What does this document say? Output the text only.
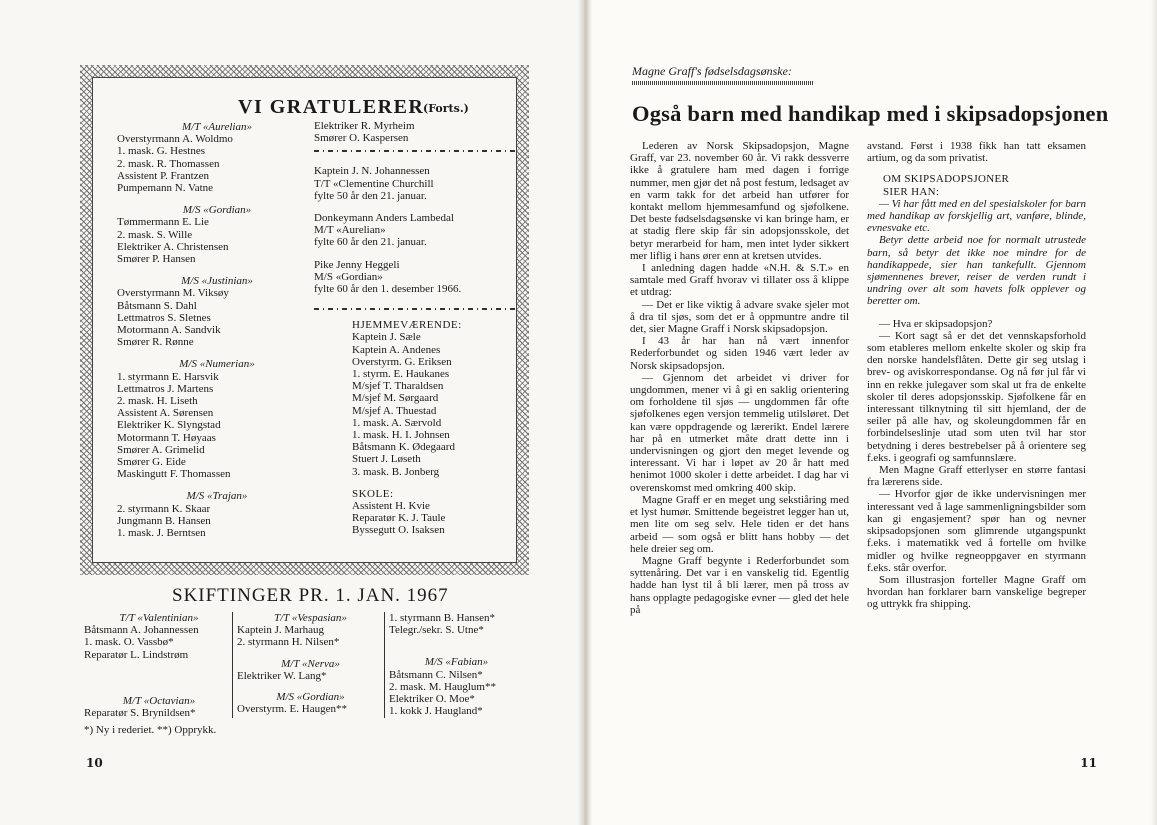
VI GRATULERER
(Forts.)
M/T «Aurelian»
Overstyrmann A. Woldmo
1. mask. G. Hestnes
2. mask. R. Thomassen
Assistent P. Frantzen
Pumpemann N. Vatne
M/S «Gordian»
Tømmermann E. Lie
2. mask. S. Wille
Elektriker A. Christensen
Smører P. Hansen
M/S «Justinian»
Overstyrmann M. Viksøy
Båtsmann S. Dahl
Lettmatros S. Sletnes
Motormann A. Sandvik
Smører R. Rønne
M/S «Numerian»
1. styrmann E. Harsvik
Lettmatros J. Martens
2. mask. H. Liseth
Assistent A. Sørensen
Elektriker K. Slyngstad
Motormann T. Høyaas
Smører A. Grimelid
Smører G. Eide
Maskingutt F. Thomassen
M/S «Trajan»
2. styrmann K. Skaar
Jungmann B. Hansen
1. mask. J. Berntsen
Elektriker R. Myrheim
Smører O. Kaspersen
Kaptein J. N. Johannessen
T/T «Clementine Churchill
fylte 50 år den 21. januar.
Donkeymann Anders Lambedal
M/T «Aurelian»
fylte 60 år den 21. januar.
Pike Jenny Heggeli
M/S «Gordian»
fylte 60 år den 1. desember 1966.
HJEMMEVÆRENDE:
Kaptein J. Sæle
Kaptein A. Andenes
Overstyrm. G. Eriksen
1. styrm. E. Haukanes
M/sjef T. Tharaldsen
M/sjef M. Sørgaard
M/sjef A. Thuestad
1. mask. A. Særvold
1. mask. H. I. Johnsen
Båtsmann K. Ødegaard
Stuert J. Løseth
3. mask. B. Jonberg
SKOLE:
Assistent H. Kvie
Reparatør K. J. Taule
Byssegutt O. Isaksen
SKIFTINGER PR. 1. JAN. 1967
T/T «Valentinian»
Båtsmann A. Johannessen
1. mask. O. Vassbø*
Reparatør L. Lindstrøm
M/T «Octavian»
Reparatør S. Brynildsen*
T/T «Vespasian»
Kaptein J. Marhaug
2. styrmann H. Nilsen*
M/T «Nerva»
Elektriker W. Lang*
M/S «Gordian»
Overstyrm. E. Haugen**
1. styrmann B. Hansen*
Telegr./sekr. S. Utne*
M/S «Fabian»
Båtsmann C. Nilsen*
2. mask. M. Hauglum**
Elektriker O. Moe*
1. kokk J. Haugland*
*) Ny i rederiet. **) Opprykk.
10
Magne Graff's fødselsdagsønske:
Også barn med handikap med i skipsadopsjonen

Lederen av Norsk Skipsadopsjon, Magne Graff, var 23. november 60 år. Vi rakk dessverre ikke å gratulere ham med dagen i forrige nummer, men gjør det nå post festum, ledsaget av en varm takk for det arbeid han utfører for kontakt mellom hjemmesamfund og sjøfolkene. Det beste fødselsdagsønske vi kan bringe ham, er at stadig flere skip får sin adopsjonsskole, det betyr merarbeid for ham, men intet lyder sikkert mer liflig i hans ører enn at kretsen utvides.

I anledning dagen hadde «N.H. & S.T.» en samtale med Graff hvorav vi tillater oss å klippe et utdrag:

— Det er like viktig å advare svake sjeler mot å dra til sjøs, som det er å oppmuntre andre til det, sier Magne Graff i Norsk skipsadopsjon.

I 43 år har han nå vært innenfor Rederforbundet og siden 1946 vært leder av Norsk skipsadopsjon.

— Gjennom det arbeidet vi driver for ungdommen, mener vi å gi en saklig orientering om forholdene til sjøs — ungdommen får ofte sjøfolkenes egen versjon temmelig utilsløret. Det kan være oppdragende og lærerikt. Endel lærere har på en utmerket måte dratt dette inn i undervisningen og gjort den meget levende og interessant. Vi har i løpet av 20 år hatt med henimot 1000 skoler i dette arbeidet. I dag har vi overenskomst med omkring 400 skip.

Magne Graff er en meget ung sekstiåring med et lyst humør. Smittende begeistret legger han ut, men lite om seg selv. Hele tiden er det hans arbeid — som også er blitt hans hobby — det hele dreier seg om.

Magne Graff begynte i Rederforbundet som syttenåring. Det var i en vanskelig tid. Egentlig hadde han lyst til å bli lærer, men på tross av hans opplagte pedagogiske evner — gled det hele på

avstand. Først i 1938 fikk han tatt eksamen artium, og da som privatist.
OM SKIPSADOPSJONER
SIER HAN:

— Vi har fått med en del spesialskoler for barn med handikap av forskjellig art, vanføre, blinde, evnesvake etc.

Betyr dette arbeid noe for normalt utrustede barn, så betyr det ikke noe mindre for de handikappede, sier han tankefullt. Gjennom sjømennenes brever, reiser de verden rundt i undring over alt som havets folk opplever og beretter om.

— Hva er skipsadopsjon?

— Kort sagt så er det det vennskapsforhold som etableres mellom enkelte skoler og skip fra den norske handelsflåten. Dette gir seg utslag i brev- og aviskorrespondanse. Og nå før jul får vi inn en rekke julegaver som skal ut fra de enkelte skoler til deres adopsjonsskip. Sjøfolkene får en interessant tilknytning til sitt hjemland, der de seiler på alle hav, og skoleungdommen får en forbindelseslinje utad som uten tvil har stor betydning i deres bestrebelser på å orientere seg f.eks. i geografi og samfunnslære.

Men Magne Graff etterlyser en større fantasi fra lærerens side.

— Hvorfor gjør de ikke undervisningen mer interessant ved å lage sammenligningsbilder som kan gi engasjement? spør han og nevner skipsadopsjonen som glimrende utgangspunkt f.eks. i matematikk ved å fortelle om hvilke midler og hvilke regneoppgaver en styrmann f.eks. står overfor.

Som illustrasjon forteller Magne Graff om hvordan han forklarer barn vanskelige begreper og uttrykk fra shipping.

11
